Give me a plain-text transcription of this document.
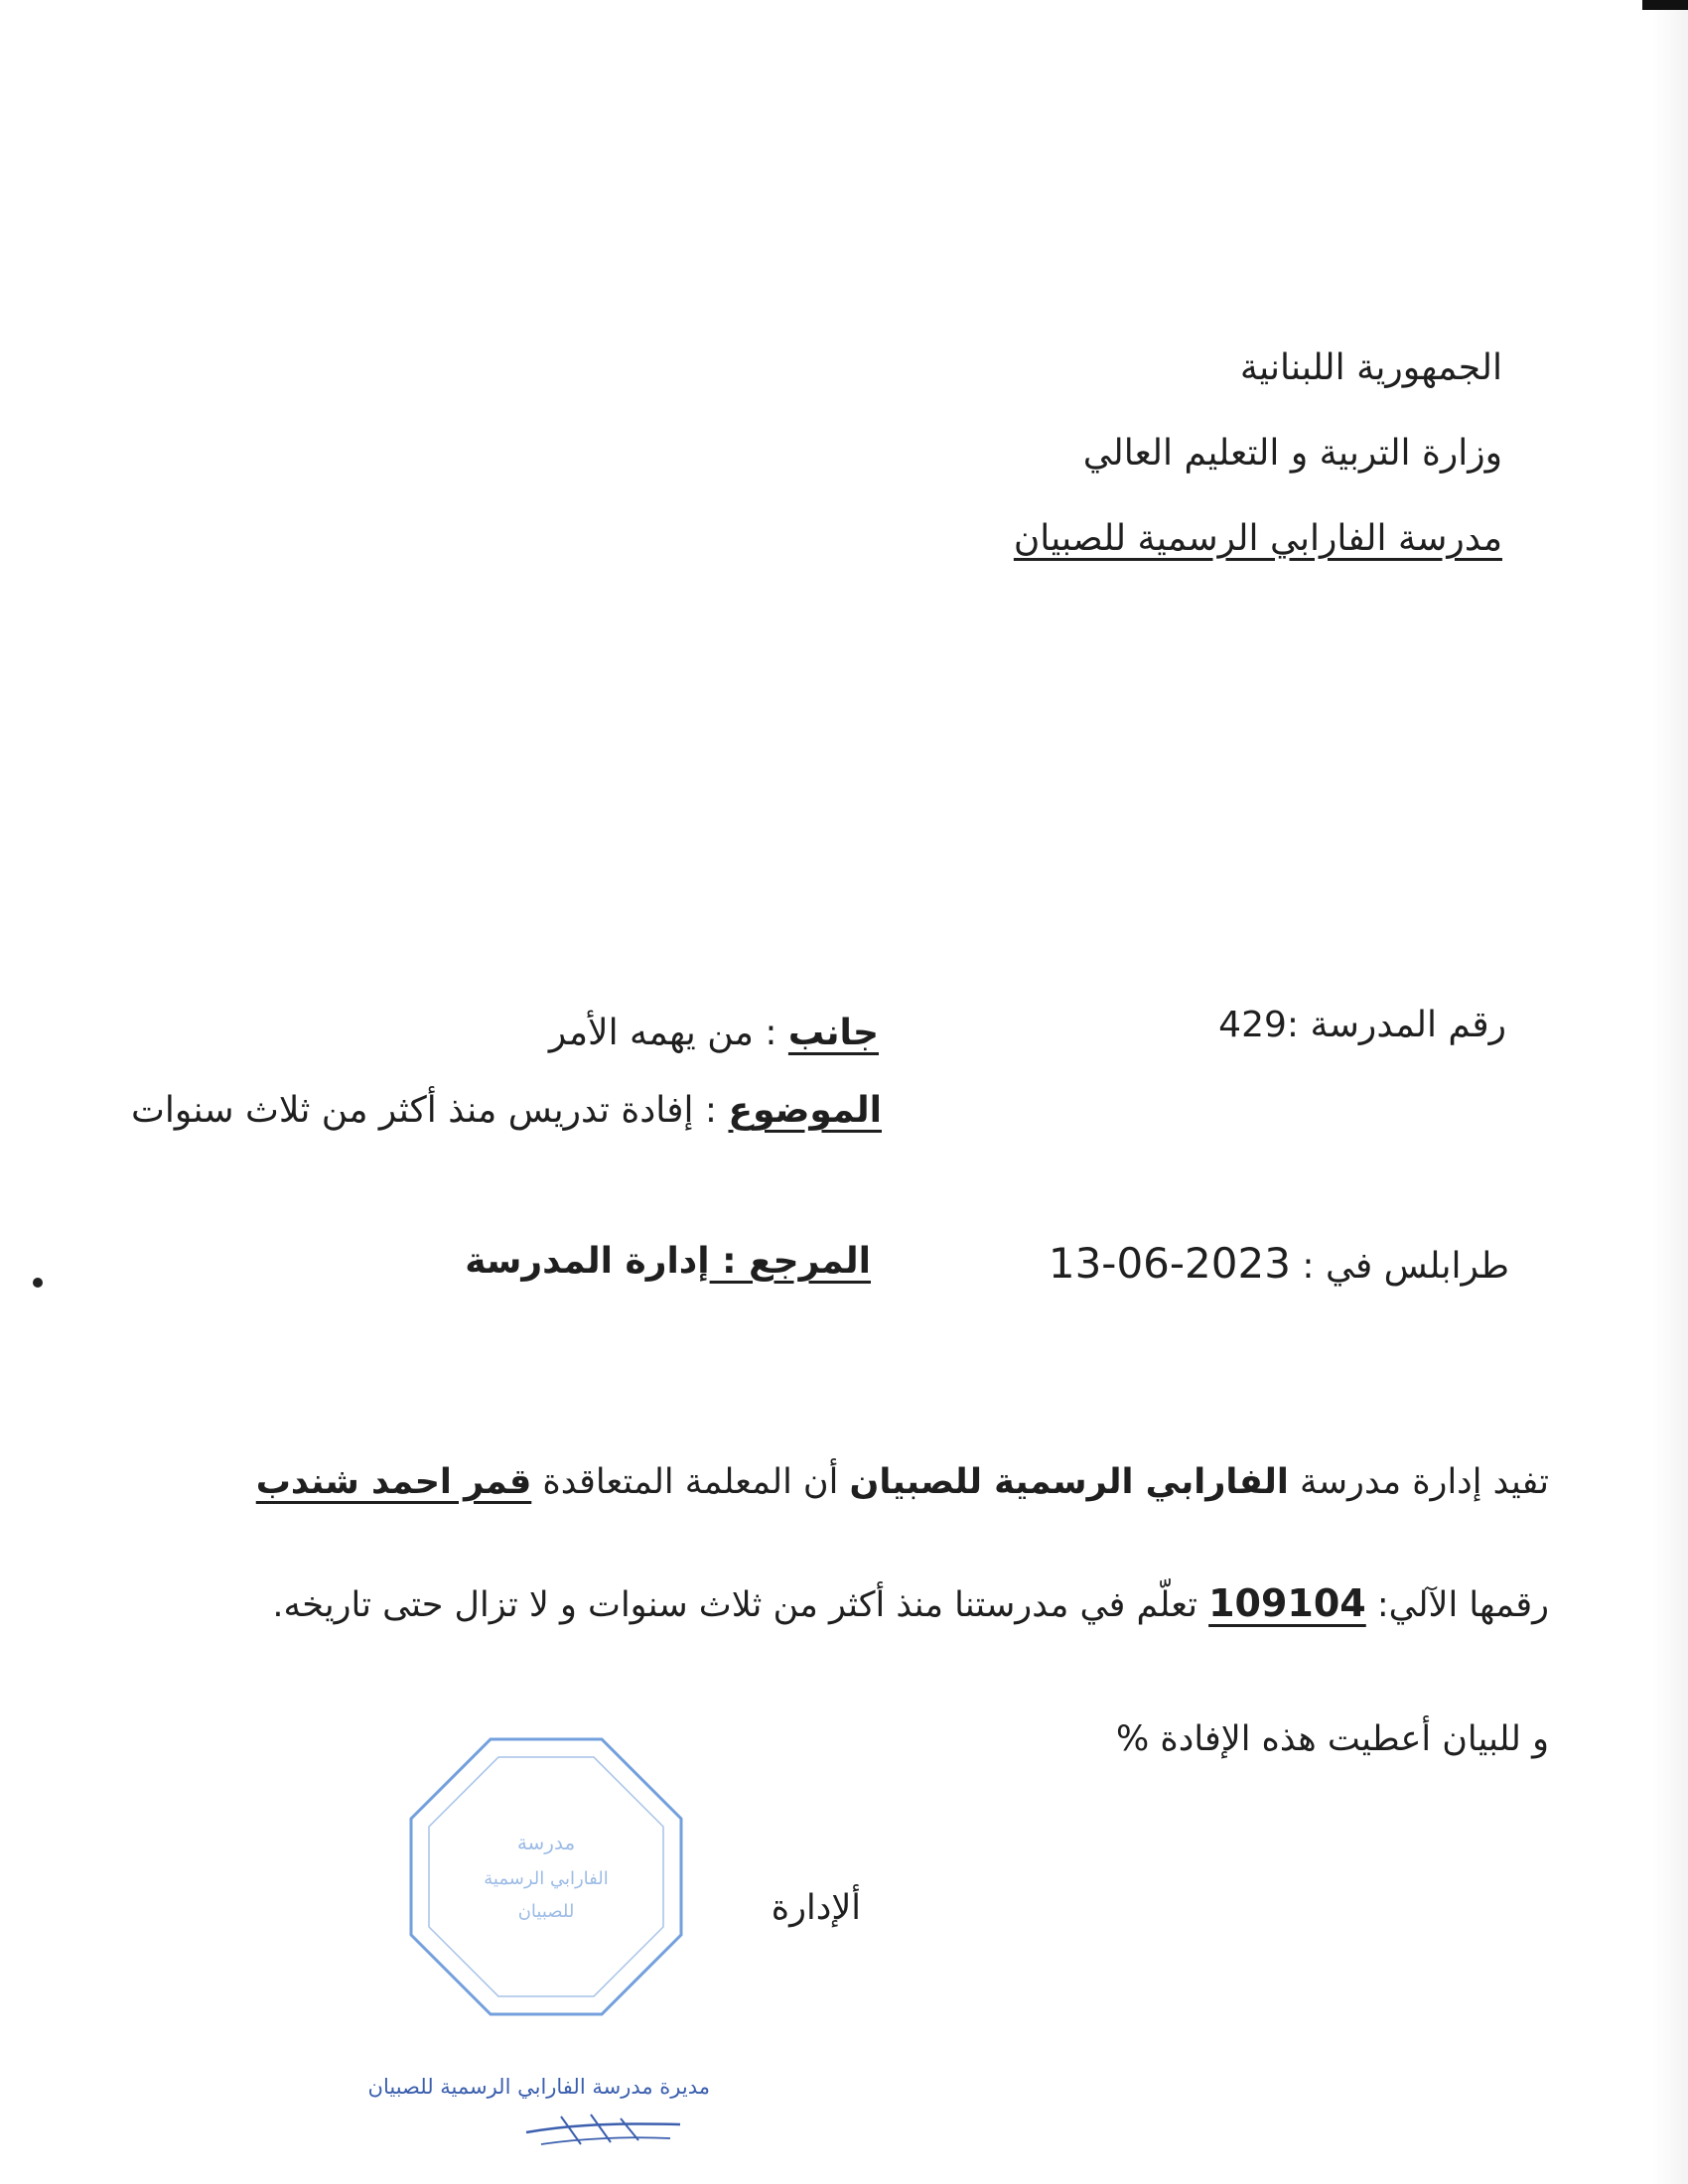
الجمهورية اللبنانية
وزارة التربية و التعليم العالي
مدرسة الفارابي الرسمية للصبيان
رقم المدرسة :429
جانب : من يهمه الأمر
الموضوع : إفادة تدريس منذ أكثر من ثلاث سنوات
طرابلس في : 13-06-2023
المرجع : إدارة المدرسة
تفيد إدارة مدرسة الفارابي الرسمية للصبيان أن المعلمة المتعاقدة قمر احمد شندب
رقمها الآلي: 109104 تعلّم في مدرستنا منذ أكثر من ثلاث سنوات و لا تزال حتى تاريخه.
و للبيان أعطيت هذه الإفادة %
ألإدارة
مدرسة
الفارابي الرسمية
للصبيان
مديرة مدرسة الفارابي الرسمية للصبيان
